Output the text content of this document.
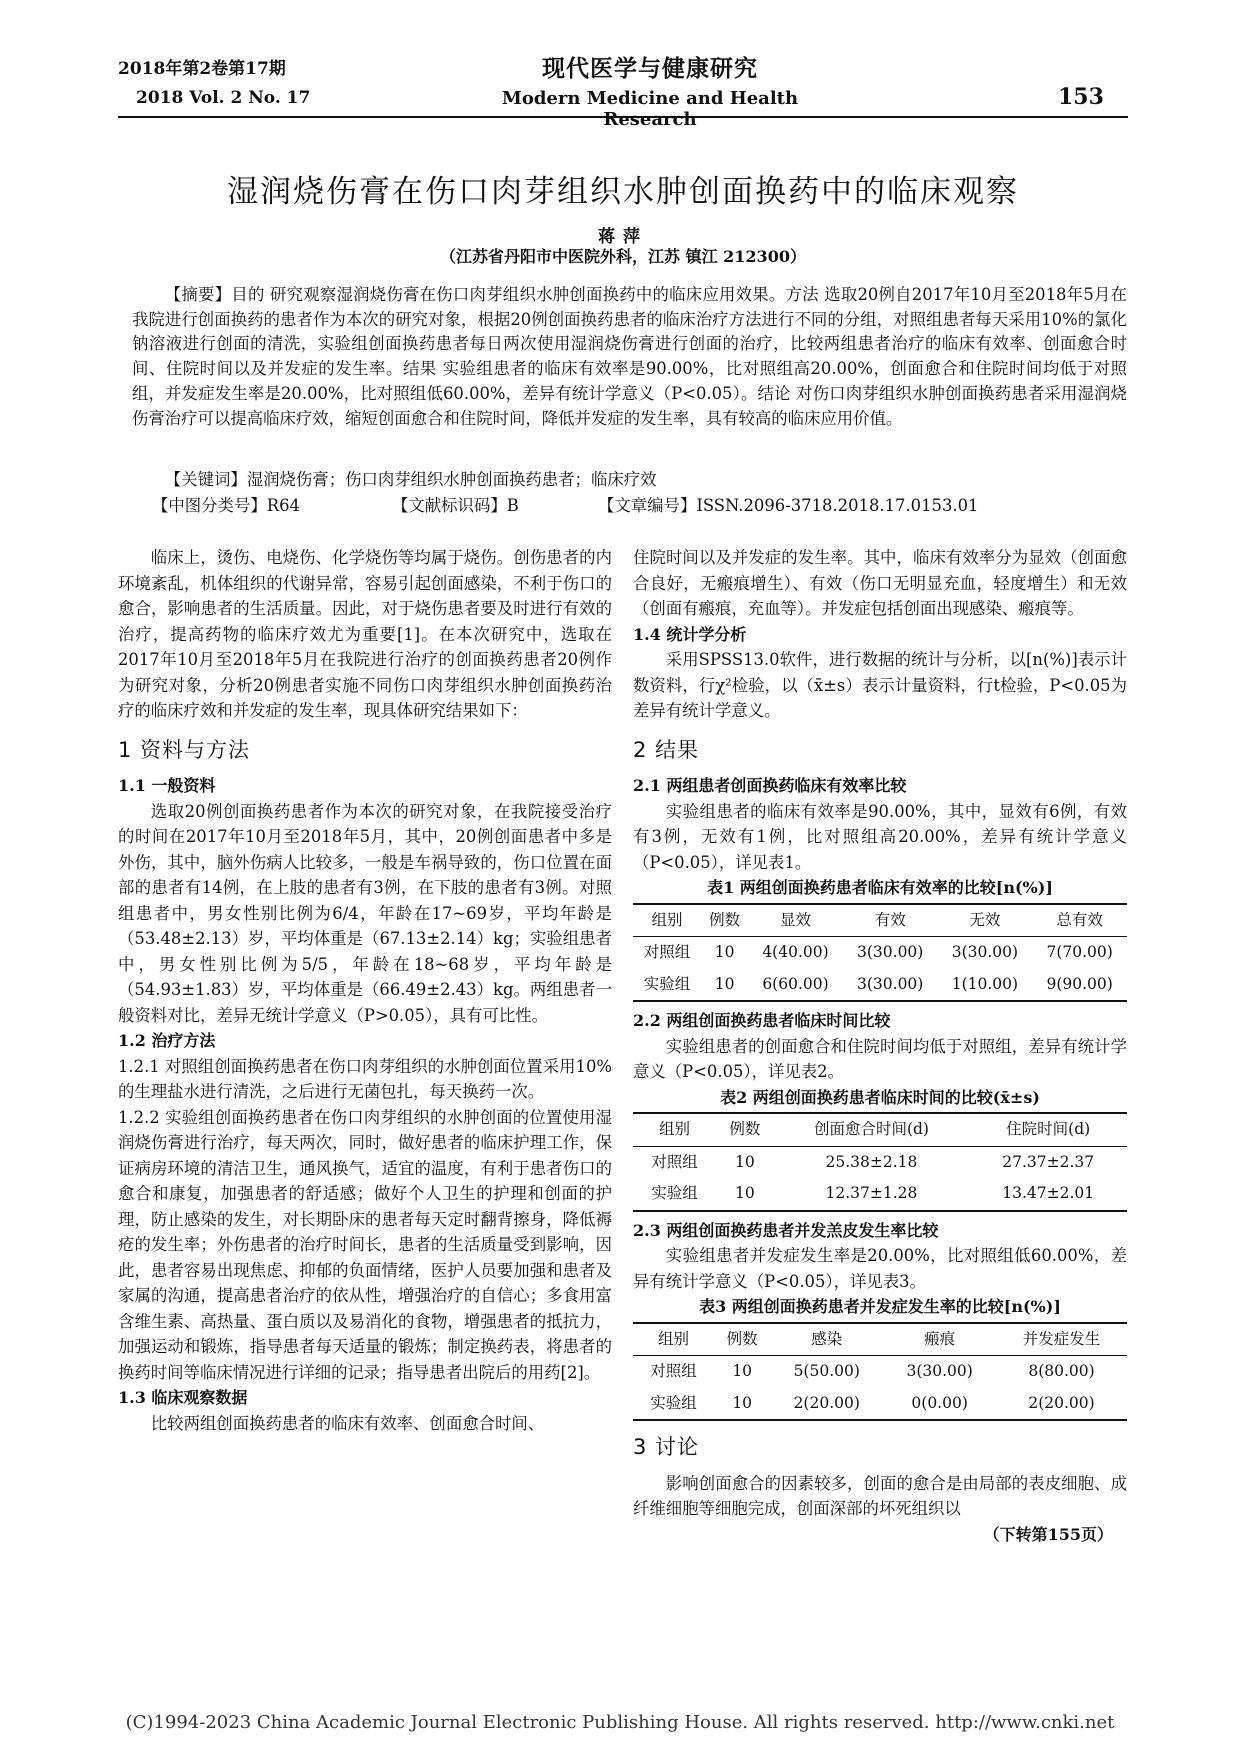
2018年第2卷第17期
2018 Vol. 2 No. 17
现代医学与健康研究
Modern Medicine and Health Research
153
湿润烧伤膏在伤口肉芽组织水肿创面换药中的临床观察
蒋萍
（江苏省丹阳市中医院外科，江苏 镇江 212300）
【摘要】目的 研究观察湿润烧伤膏在伤口肉芽组织水肿创面换药中的临床应用效果。方法 选取20例自2017年10月至2018年5月在我院进行创面换药的患者作为本次的研究对象，根据20例创面换药患者的临床治疗方法进行不同的分组，对照组患者每天采用10%的氯化钠溶液进行创面的清洗，实验组创面换药患者每日两次使用湿润烧伤膏进行创面的治疗，比较两组患者治疗的临床有效率、创面愈合时间、住院时间以及并发症的发生率。结果 实验组患者的临床有效率是90.00%，比对照组高20.00%，创面愈合和住院时间均低于对照组，并发症发生率是20.00%，比对照组低60.00%，差异有统计学意义（P<0.05）。结论 对伤口肉芽组织水肿创面换药患者采用湿润烧伤膏治疗可以提高临床疗效，缩短创面愈合和住院时间，降低并发症的发生率，具有较高的临床应用价值。
【关键词】湿润烧伤膏；伤口肉芽组织水肿创面换药患者；临床疗效
【中图分类号】R64	【文献标识码】B	【文章编号】ISSN.2096-3718.2018.17.0153.01

临床上，烫伤、电烧伤、化学烧伤等均属于烧伤。创伤患者的内环境紊乱，机体组织的代谢异常，容易引起创面感染，不利于伤口的愈合，影响患者的生活质量。因此，对于烧伤患者要及时进行有效的治疗，提高药物的临床疗效尤为重要[1]。在本次研究中，选取在2017年10月至2018年5月在我院进行治疗的创面换药患者20例作为研究对象，分析20例患者实施不同伤口肉芽组织水肿创面换药治疗的临床疗效和并发症的发生率，现具体研究结果如下：

1 资料与方法
1.1 一般资料

选取20例创面换药患者作为本次的研究对象，在我院接受治疗的时间在2017年10月至2018年5月，其中，20例创面患者中多是外伤，其中，脑外伤病人比较多，一般是车祸导致的，伤口位置在面部的患者有14例，在上肢的患者有3例，在下肢的患者有3例。对照组患者中，男女性别比例为6/4，年龄在17~69岁，平均年龄是（53.48±2.13）岁，平均体重是（67.13±2.14）kg；实验组患者中，男女性别比例为5/5，年龄在18~68岁，平均年龄是（54.93±1.83）岁，平均体重是（66.49±2.43）kg。两组患者一般资料对比，差异无统计学意义（P>0.05），具有可比性。

1.2 治疗方法

1.2.1 对照组创面换药患者在伤口肉芽组织的水肿创面位置采用10%的生理盐水进行清洗，之后进行无菌包扎，每天换药一次。

1.2.2 实验组创面换药患者在伤口肉芽组织的水肿创面的位置使用湿润烧伤膏进行治疗，每天两次，同时，做好患者的临床护理工作，保证病房环境的清洁卫生，通风换气，适宜的温度，有利于患者伤口的愈合和康复，加强患者的舒适感；做好个人卫生的护理和创面的护理，防止感染的发生，对长期卧床的患者每天定时翻背擦身，降低褥疮的发生率；外伤患者的治疗时间长，患者的生活质量受到影响，因此，患者容易出现焦虑、抑郁的负面情绪，医护人员要加强和患者及家属的沟通，提高患者治疗的依从性，增强治疗的自信心；多食用富含维生素、高热量、蛋白质以及易消化的食物，增强患者的抵抗力，加强运动和锻炼，指导患者每天适量的锻炼；制定换药表，将患者的换药时间等临床情况进行详细的记录；指导患者出院后的用药[2]。

1.3 临床观察数据

比较两组创面换药患者的临床有效率、创面愈合时间、

住院时间以及并发症的发生率。其中，临床有效率分为显效（创面愈合良好，无瘢痕增生）、有效（伤口无明显充血，轻度增生）和无效（创面有瘢痕，充血等）。并发症包括创面出现感染、瘢痕等。

1.4 统计学分析

采用SPSS13.0软件，进行数据的统计与分析，以[n(%)]表示计数资料，行χ²检验，以（x̄±s）表示计量资料，行t检验，P<0.05为差异有统计学意义。

2 结果
2.1 两组患者创面换药临床有效率比较

实验组患者的临床有效率是90.00%，其中，显效有6例，有效有3例，无效有1例，比对照组高20.00%，差异有统计学意义（P<0.05），详见表1。

表1 两组创面换药患者临床有效率的比较[n(%)]
组别	例数	显效	有效	无效	总有效
对照组	10	4(40.00)	3(30.00)	3(30.00)	7(70.00)
实验组	10	6(60.00)	3(30.00)	1(10.00)	9(90.00)
2.2 两组创面换药患者临床时间比较

实验组患者的创面愈合和住院时间均低于对照组，差异有统计学意义（P<0.05），详见表2。

表2 两组创面换药患者临床时间的比较(x̄±s)
组别	例数	创面愈合时间(d)	住院时间(d)
对照组	10	25.38±2.18	27.37±2.37
实验组	10	12.37±1.28	13.47±2.01
2.3 两组创面换药患者并发羔皮发生率比较

实验组患者并发症发生率是20.00%，比对照组低60.00%，差异有统计学意义（P<0.05），详见表3。

表3 两组创面换药患者并发症发生率的比较[n(%)]
组别	例数	感染	瘢痕	并发症发生
对照组	10	5(50.00)	3(30.00)	8(80.00)
实验组	10	2(20.00)	0(0.00)	2(20.00)
3 讨论

影响创面愈合的因素较多，创面的愈合是由局部的表皮细胞、成纤维细胞等细胞完成，创面深部的坏死组织以

（下转第155页）
(C)1994-2023 China Academic Journal Electronic Publishing House. All rights reserved. http://www.cnki.net
